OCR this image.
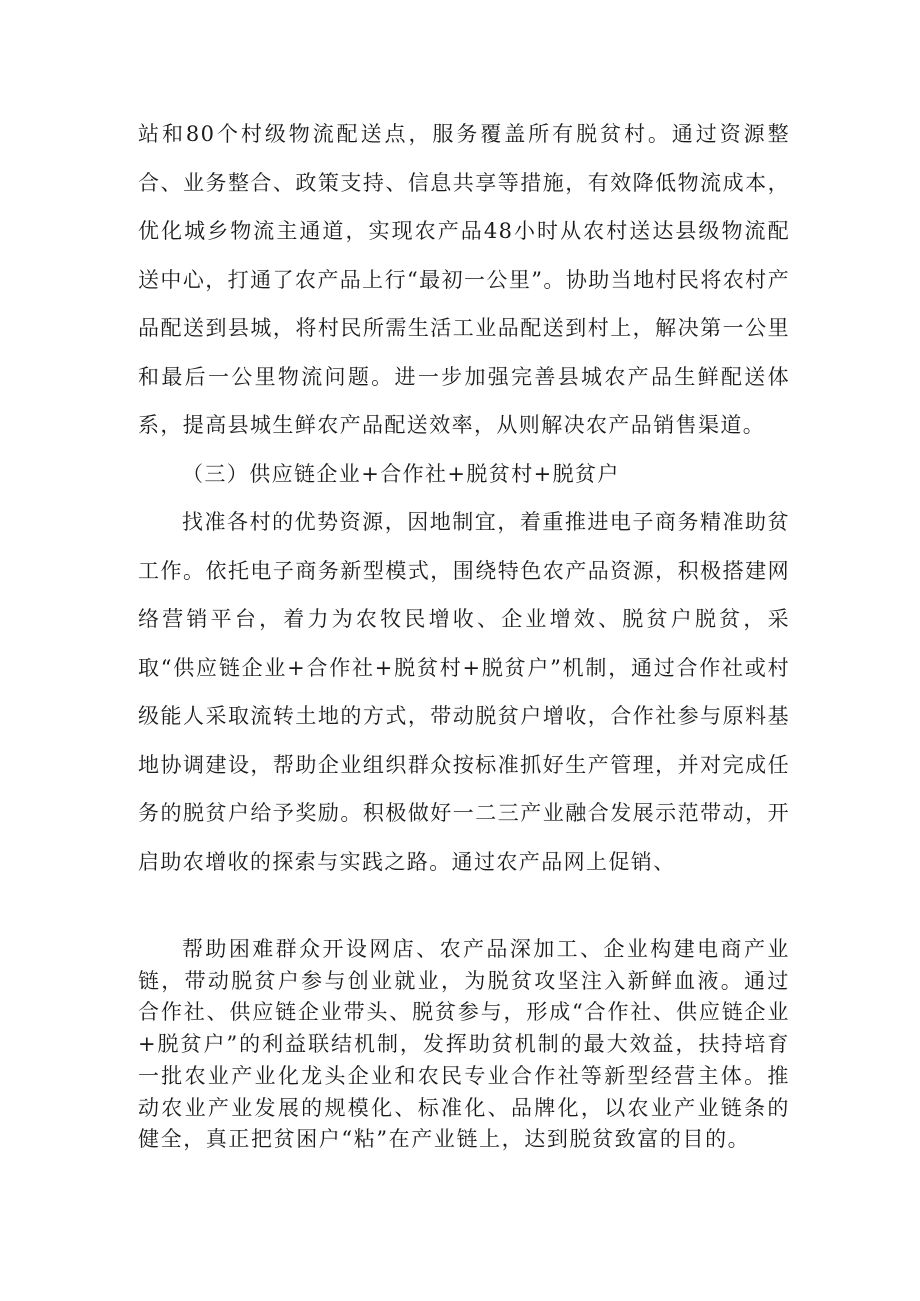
站和80个村级物流配送点，服务覆盖所有脱贫村。通过资源整合、业务整合、政策支持、信息共享等措施，有效降低物流成本，优化城乡物流主通道，实现农产品48小时从农村送达县级物流配送中心，打通了农产品上行“最初一公里”。协助当地村民将农村产品配送到县城，将村民所需生活工业品配送到村上，解决第一公里和最后一公里物流问题。进一步加强完善县城农产品生鲜配送体系，提高县城生鲜农产品配送效率，从则解决农产品销售渠道。

（三）供应链企业+合作社+脱贫村+脱贫户

找准各村的优势资源，因地制宜，着重推进电子商务精准助贫工作。依托电子商务新型模式，围绕特色农产品资源，积极搭建网络营销平台，着力为农牧民增收、企业增效、脱贫户脱贫，采取“供应链企业+合作社+脱贫村+脱贫户”机制，通过合作社或村级能人采取流转土地的方式，带动脱贫户增收，合作社参与原料基地协调建设，帮助企业组织群众按标准抓好生产管理，并对完成任务的脱贫户给予奖励。积极做好一二三产业融合发展示范带动，开启助农增收的探索与实践之路。通过农产品网上促销、

帮助困难群众开设网店、农产品深加工、企业构建电商产业链，带动脱贫户参与创业就业，为脱贫攻坚注入新鲜血液。通过合作社、供应链企业带头、脱贫参与，形成“合作社、供应链企业+脱贫户”的利益联结机制，发挥助贫机制的最大效益，扶持培育一批农业产业化龙头企业和农民专业合作社等新型经营主体。推动农业产业发展的规模化、标准化、品牌化，以农业产业链条的健全，真正把贫困户“粘”在产业链上，达到脱贫致富的目的。
